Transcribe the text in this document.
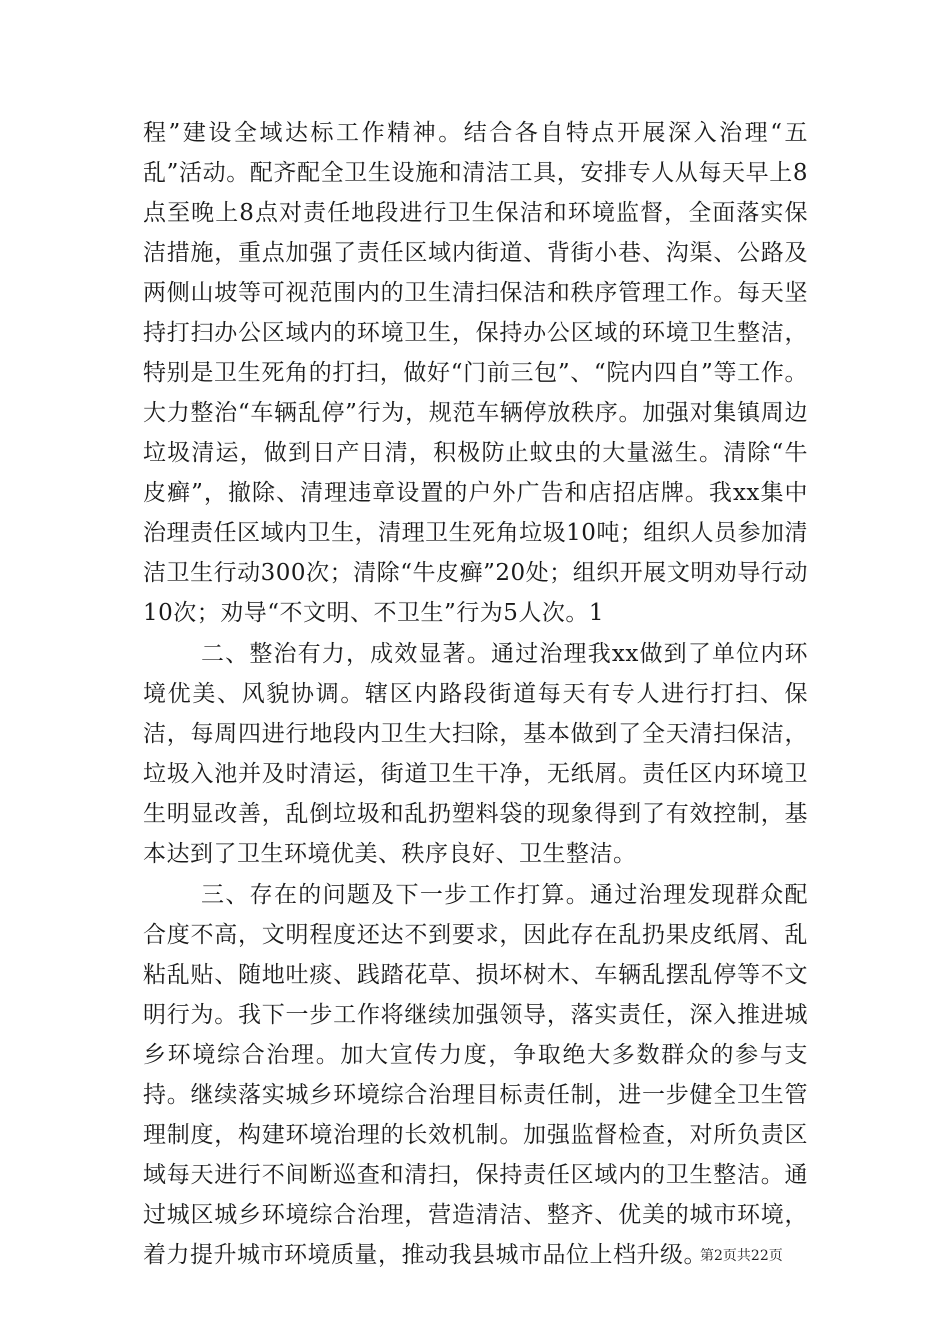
程”建设全域达标工作精神。结合各自特点开展深入治理“五乱”活动。配齐配全卫生设施和清洁工具，安排专人从每天早上8点至晚上8点对责任地段进行卫生保洁和环境监督，全面落实保洁措施，重点加强了责任区域内街道、背街小巷、沟渠、公路及两侧山坡等可视范围内的卫生清扫保洁和秩序管理工作。每天坚持打扫办公区域内的环境卫生，保持办公区域的环境卫生整洁，特别是卫生死角的打扫，做好“门前三包”、“院内四自”等工作。大力整治“车辆乱停”行为，规范车辆停放秩序。加强对集镇周边垃圾清运，做到日产日清，积极防止蚊虫的大量滋生。清除“牛皮癣”，撤除、清理违章设置的户外广告和店招店牌。我xx集中治理责任区域内卫生，清理卫生死角垃圾10吨；组织人员参加清洁卫生行动300次；清除“牛皮癣”20处；组织开展文明劝导行动10次；劝导“不文明、不卫生”行为5人次。1

二、整治有力，成效显著。通过治理我xx做到了单位内环境优美、风貌协调。辖区内路段街道每天有专人进行打扫、保洁，每周四进行地段内卫生大扫除，基本做到了全天清扫保洁，垃圾入池并及时清运，街道卫生干净，无纸屑。责任区内环境卫生明显改善，乱倒垃圾和乱扔塑料袋的现象得到了有效控制，基本达到了卫生环境优美、秩序良好、卫生整洁。

三、存在的问题及下一步工作打算。通过治理发现群众配合度不高，文明程度还达不到要求，因此存在乱扔果皮纸屑、乱粘乱贴、随地吐痰、践踏花草、损坏树木、车辆乱摆乱停等不文明行为。我下一步工作将继续加强领导，落实责任，深入推进城乡环境综合治理。加大宣传力度，争取绝大多数群众的参与支持。继续落实城乡环境综合治理目标责任制，进一步健全卫生管理制度，构建环境治理的长效机制。加强监督检查，对所负责区域每天进行不间断巡查和清扫，保持责任区域内的卫生整洁。通过城区城乡环境综合治理，营造清洁、整齐、优美的城市环境，着力提升城市环境质量，推动我县城市品位上档升级。

第2页共22页
